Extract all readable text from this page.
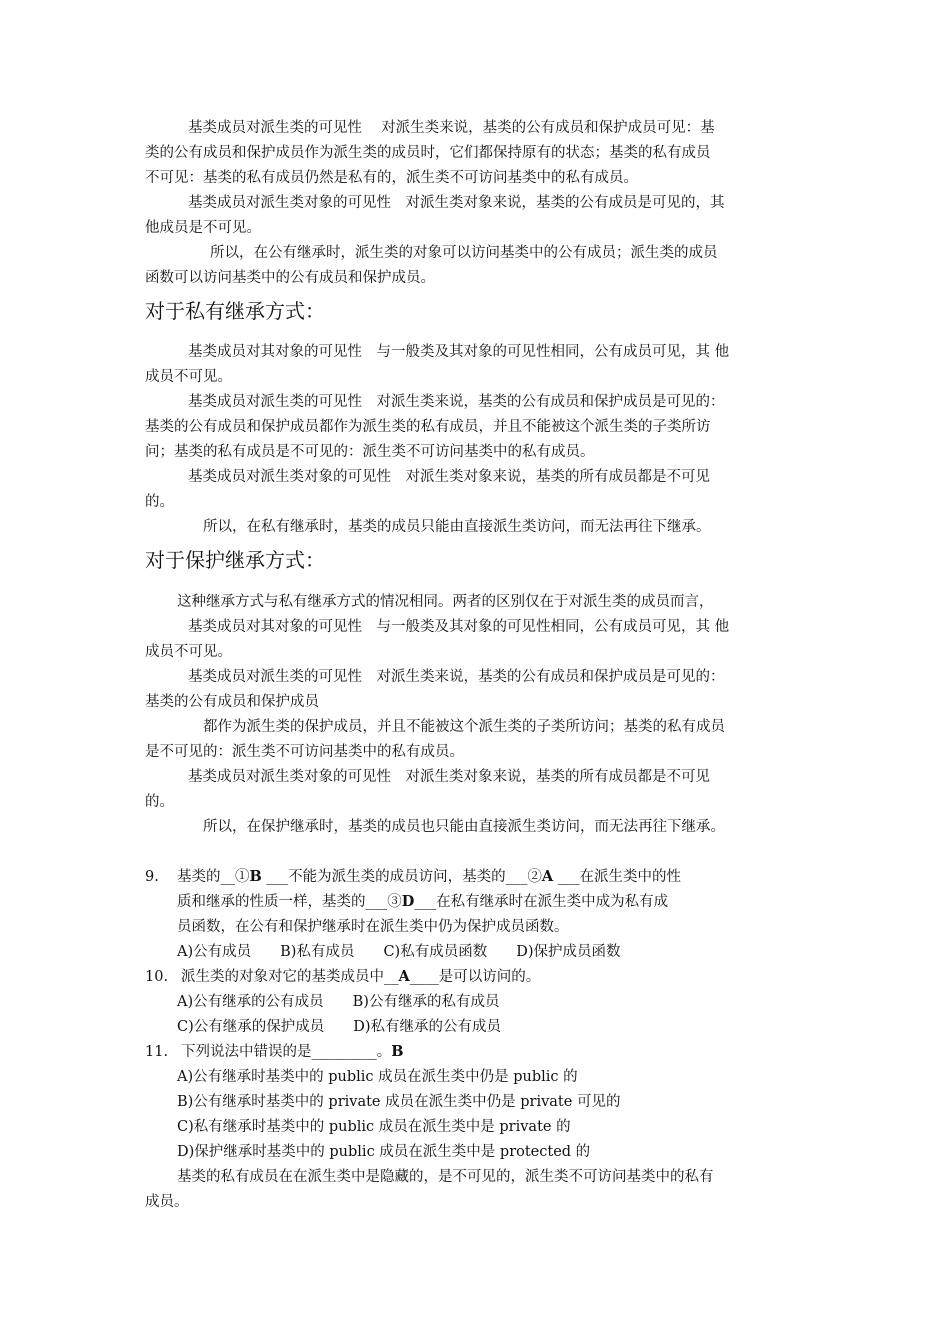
基类成员对派生类的可见性　 对派生类来说，基类的公有成员和保护成员可见：基

类的公有成员和保护成员作为派生类的成员时，它们都保持原有的状态；基类的私有成员

不可见：基类的私有成员仍然是私有的，派生类不可访问基类中的私有成员。

基类成员对派生类对象的可见性　对派生类对象来说，基类的公有成员是可见的，其

他成员是不可见。

所以，在公有继承时，派生类的对象可以访问基类中的公有成员；派生类的成员

函数可以访问基类中的公有成员和保护成员。

对于私有继承方式：

基类成员对其对象的可见性　与一般类及其对象的可见性相同，公有成员可见，其 他

成员不可见。

基类成员对派生类的可见性　对派生类来说，基类的公有成员和保护成员是可见的：

基类的公有成员和保护成员都作为派生类的私有成员，并且不能被这个派生类的子类所访

问；基类的私有成员是不可见的：派生类不可访问基类中的私有成员。

基类成员对派生类对象的可见性　对派生类对象来说，基类的所有成员都是不可见

的。

所以，在私有继承时，基类的成员只能由直接派生类访问，而无法再往下继承。

对于保护继承方式：

这种继承方式与私有继承方式的情况相同。两者的区别仅在于对派生类的成员而言，

基类成员对其对象的可见性　与一般类及其对象的可见性相同，公有成员可见，其 他

成员不可见。

基类成员对派生类的可见性　对派生类来说，基类的公有成员和保护成员是可见的：

基类的公有成员和保护成员

都作为派生类的保护成员，并且不能被这个派生类的子类所访问；基类的私有成员

是不可见的：派生类不可访问基类中的私有成员。

基类成员对派生类对象的可见性　对派生类对象来说，基类的所有成员都是不可见

的。

所以，在保护继承时，基类的成员也只能由直接派生类访问，而无法再往下继承。

9. 基类的__①B ___不能为派生类的成员访问，基类的___②A ___在派生类中的性

质和继承的性质一样，基类的___③D___在私有继承时在派生类中成为私有成

员函数，在公有和保护继承时在派生类中仍为保护成员函数。

A)公有成员　　B)私有成员　　C)私有成员函数　　D)保护成员函数

10. 派生类的对象对它的基类成员中__A____是可以访问的。

A)公有继承的公有成员　　B)公有继承的私有成员

C)公有继承的保护成员　　D)私有继承的公有成员

11. 下列说法中错误的是_________。B

A)公有继承时基类中的 public 成员在派生类中仍是 public 的

B)公有继承时基类中的 private 成员在派生类中仍是 private 可见的

C)私有继承时基类中的 public 成员在派生类中是 private 的

D)保护继承时基类中的 public 成员在派生类中是 protected 的

基类的私有成员在在派生类中是隐藏的，是不可见的，派生类不可访问基类中的私有

成员。
